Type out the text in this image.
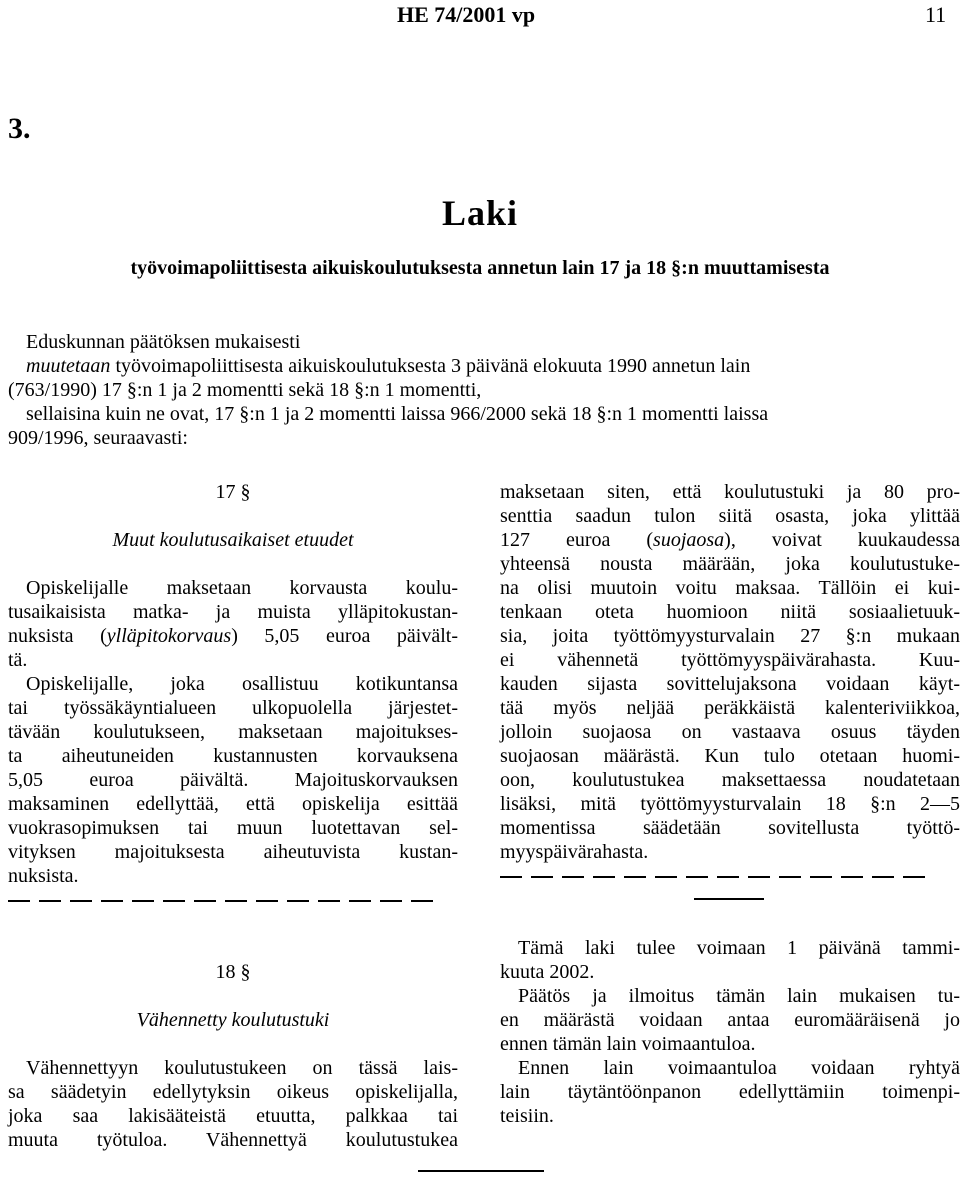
HE 74/2001 vp	11
3.
Laki
työvoimapoliittisesta aikuiskoulutuksesta annetun lain 17 ja 18 §:n muuttamisesta
Eduskunnan päätöksen mukaisesti
muutetaan työvoimapoliittisesta aikuiskoulutuksesta 3 päivänä elokuuta 1990 annetun lain
(763/1990) 17 §:n 1 ja 2 momentti sekä 18 §:n 1 momentti,
sellaisina kuin ne ovat, 17 §:n 1 ja 2 momentti laissa 966/2000 sekä 18 §:n 1 momentti laissa
909/1996, seuraavasti:
17 §
Muut koulutusaikaiset etuudet
Opiskelijalle maksetaan korvausta koulu-
tusaikaisista matka- ja muista ylläpitokustan-
nuksista (ylläpitokorvaus) 5,05 euroa päivält-
tä.
Opiskelijalle, joka osallistuu kotikuntansa
tai työssäkäyntialueen ulkopuolella järjestet-
tävään koulutukseen, maksetaan majoitukses-
ta aiheutuneiden kustannusten korvauksena
5,05 euroa päivältä. Majoituskorvauksen
maksaminen edellyttää, että opiskelija esittää
vuokrasopimuksen tai muun luotettavan sel-
vityksen majoituksesta aiheutuvista kustan-
nuksista.
18 §
Vähennetty koulutustuki
Vähennettyyn koulutustukeen on tässä lais-
sa säädetyin edellytyksin oikeus opiskelijalla,
joka saa lakisääteistä etuutta, palkkaa tai
muuta työtuloa. Vähennettyä koulutustukea
maksetaan siten, että koulutustuki ja 80 pro-
senttia saadun tulon siitä osasta, joka ylittää
127 euroa (suojaosa), voivat kuukaudessa
yhteensä nousta määrään, joka koulutustuke-
na olisi muutoin voitu maksaa. Tällöin ei kui-
tenkaan oteta huomioon niitä sosiaalietuuk-
sia, joita työttömyysturvalain 27 §:n mukaan
ei vähennetä työttömyyspäivärahasta. Kuu-
kauden sijasta sovittelujaksona voidaan käyt-
tää myös neljää peräkkäistä kalenteriviikkoa,
jolloin suojaosa on vastaava osuus täyden
suojaosan määrästä. Kun tulo otetaan huomi-
oon, koulutustukea maksettaessa noudatetaan
lisäksi, mitä työttömyysturvalain 18 §:n 2—5
momentissa säädetään sovitellusta työttö-
myyspäivärahasta.
Tämä laki tulee voimaan 1 päivänä tammi-
kuuta 2002.
Päätös ja ilmoitus tämän lain mukaisen tu-
en määrästä voidaan antaa euromääräisenä jo
ennen tämän lain voimaantuloa.
Ennen lain voimaantuloa voidaan ryhtyä
lain täytäntöönpanon edellyttämiin toimenpi-
teisiin.
